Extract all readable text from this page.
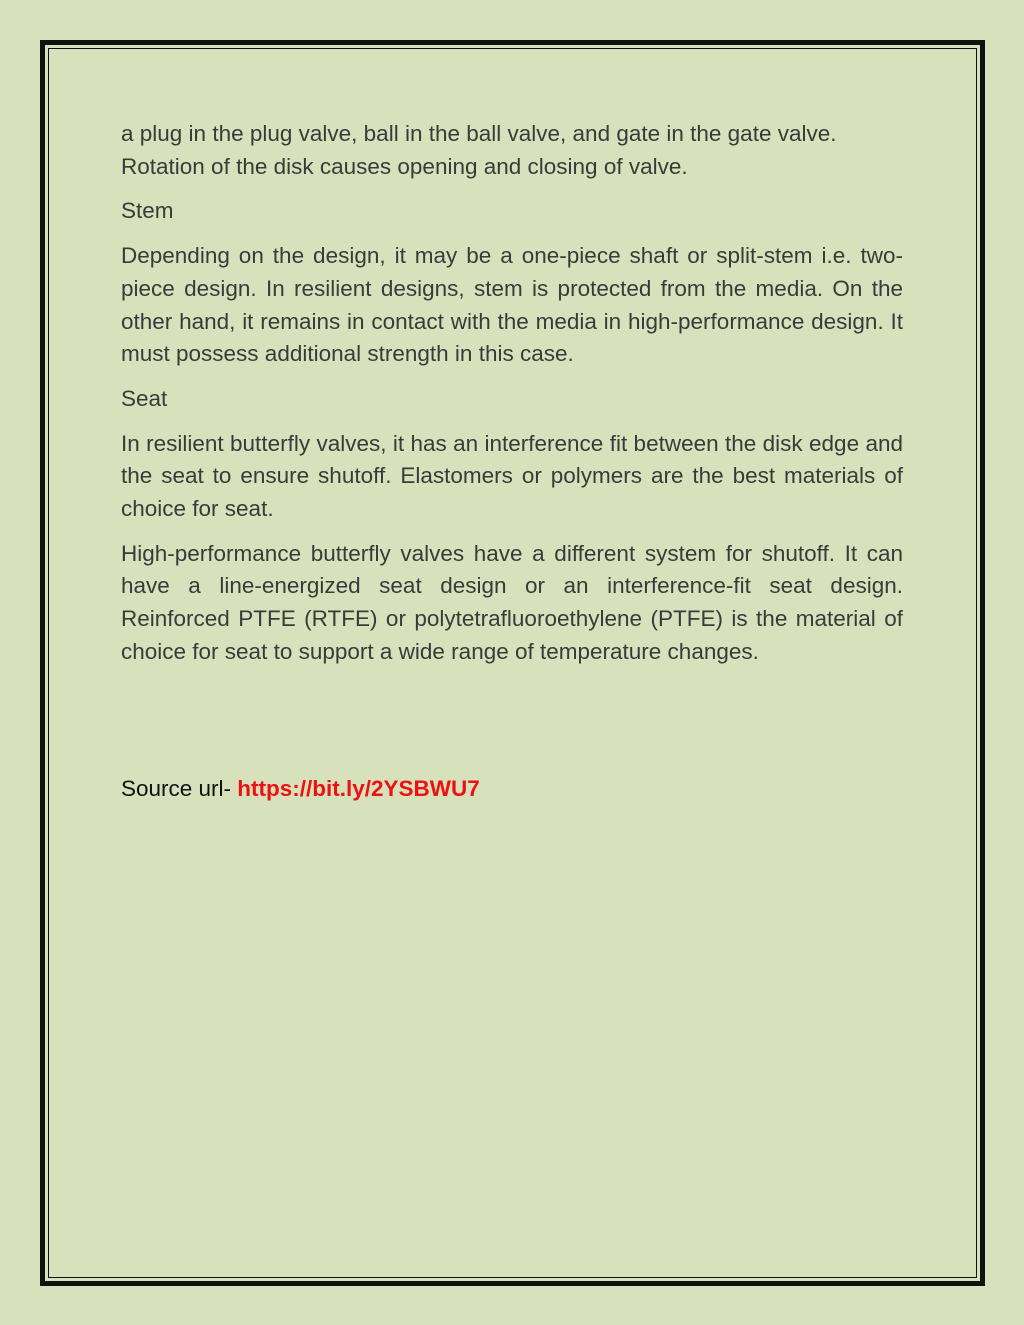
a plug in the plug valve, ball in the ball valve, and gate in the gate valve. Rotation of the disk causes opening and closing of valve.

Stem

Depending on the design, it may be a one-piece shaft or split-stem i.e. two-piece design. In resilient designs, stem is protected from the media. On the other hand, it remains in contact with the media in high-performance design. It must possess additional strength in this case.

Seat

In resilient butterfly valves, it has an interference fit between the disk edge and the seat to ensure shutoff. Elastomers or polymers are the best materials of choice for seat.

High-performance butterfly valves have a different system for shutoff. It can have a line-energized seat design or an interference-fit seat design. Reinforced PTFE (RTFE) or polytetrafluoroethylene (PTFE) is the material of choice for seat to support a wide range of temperature changes.

Source url- https://bit.ly/2YSBWU7
